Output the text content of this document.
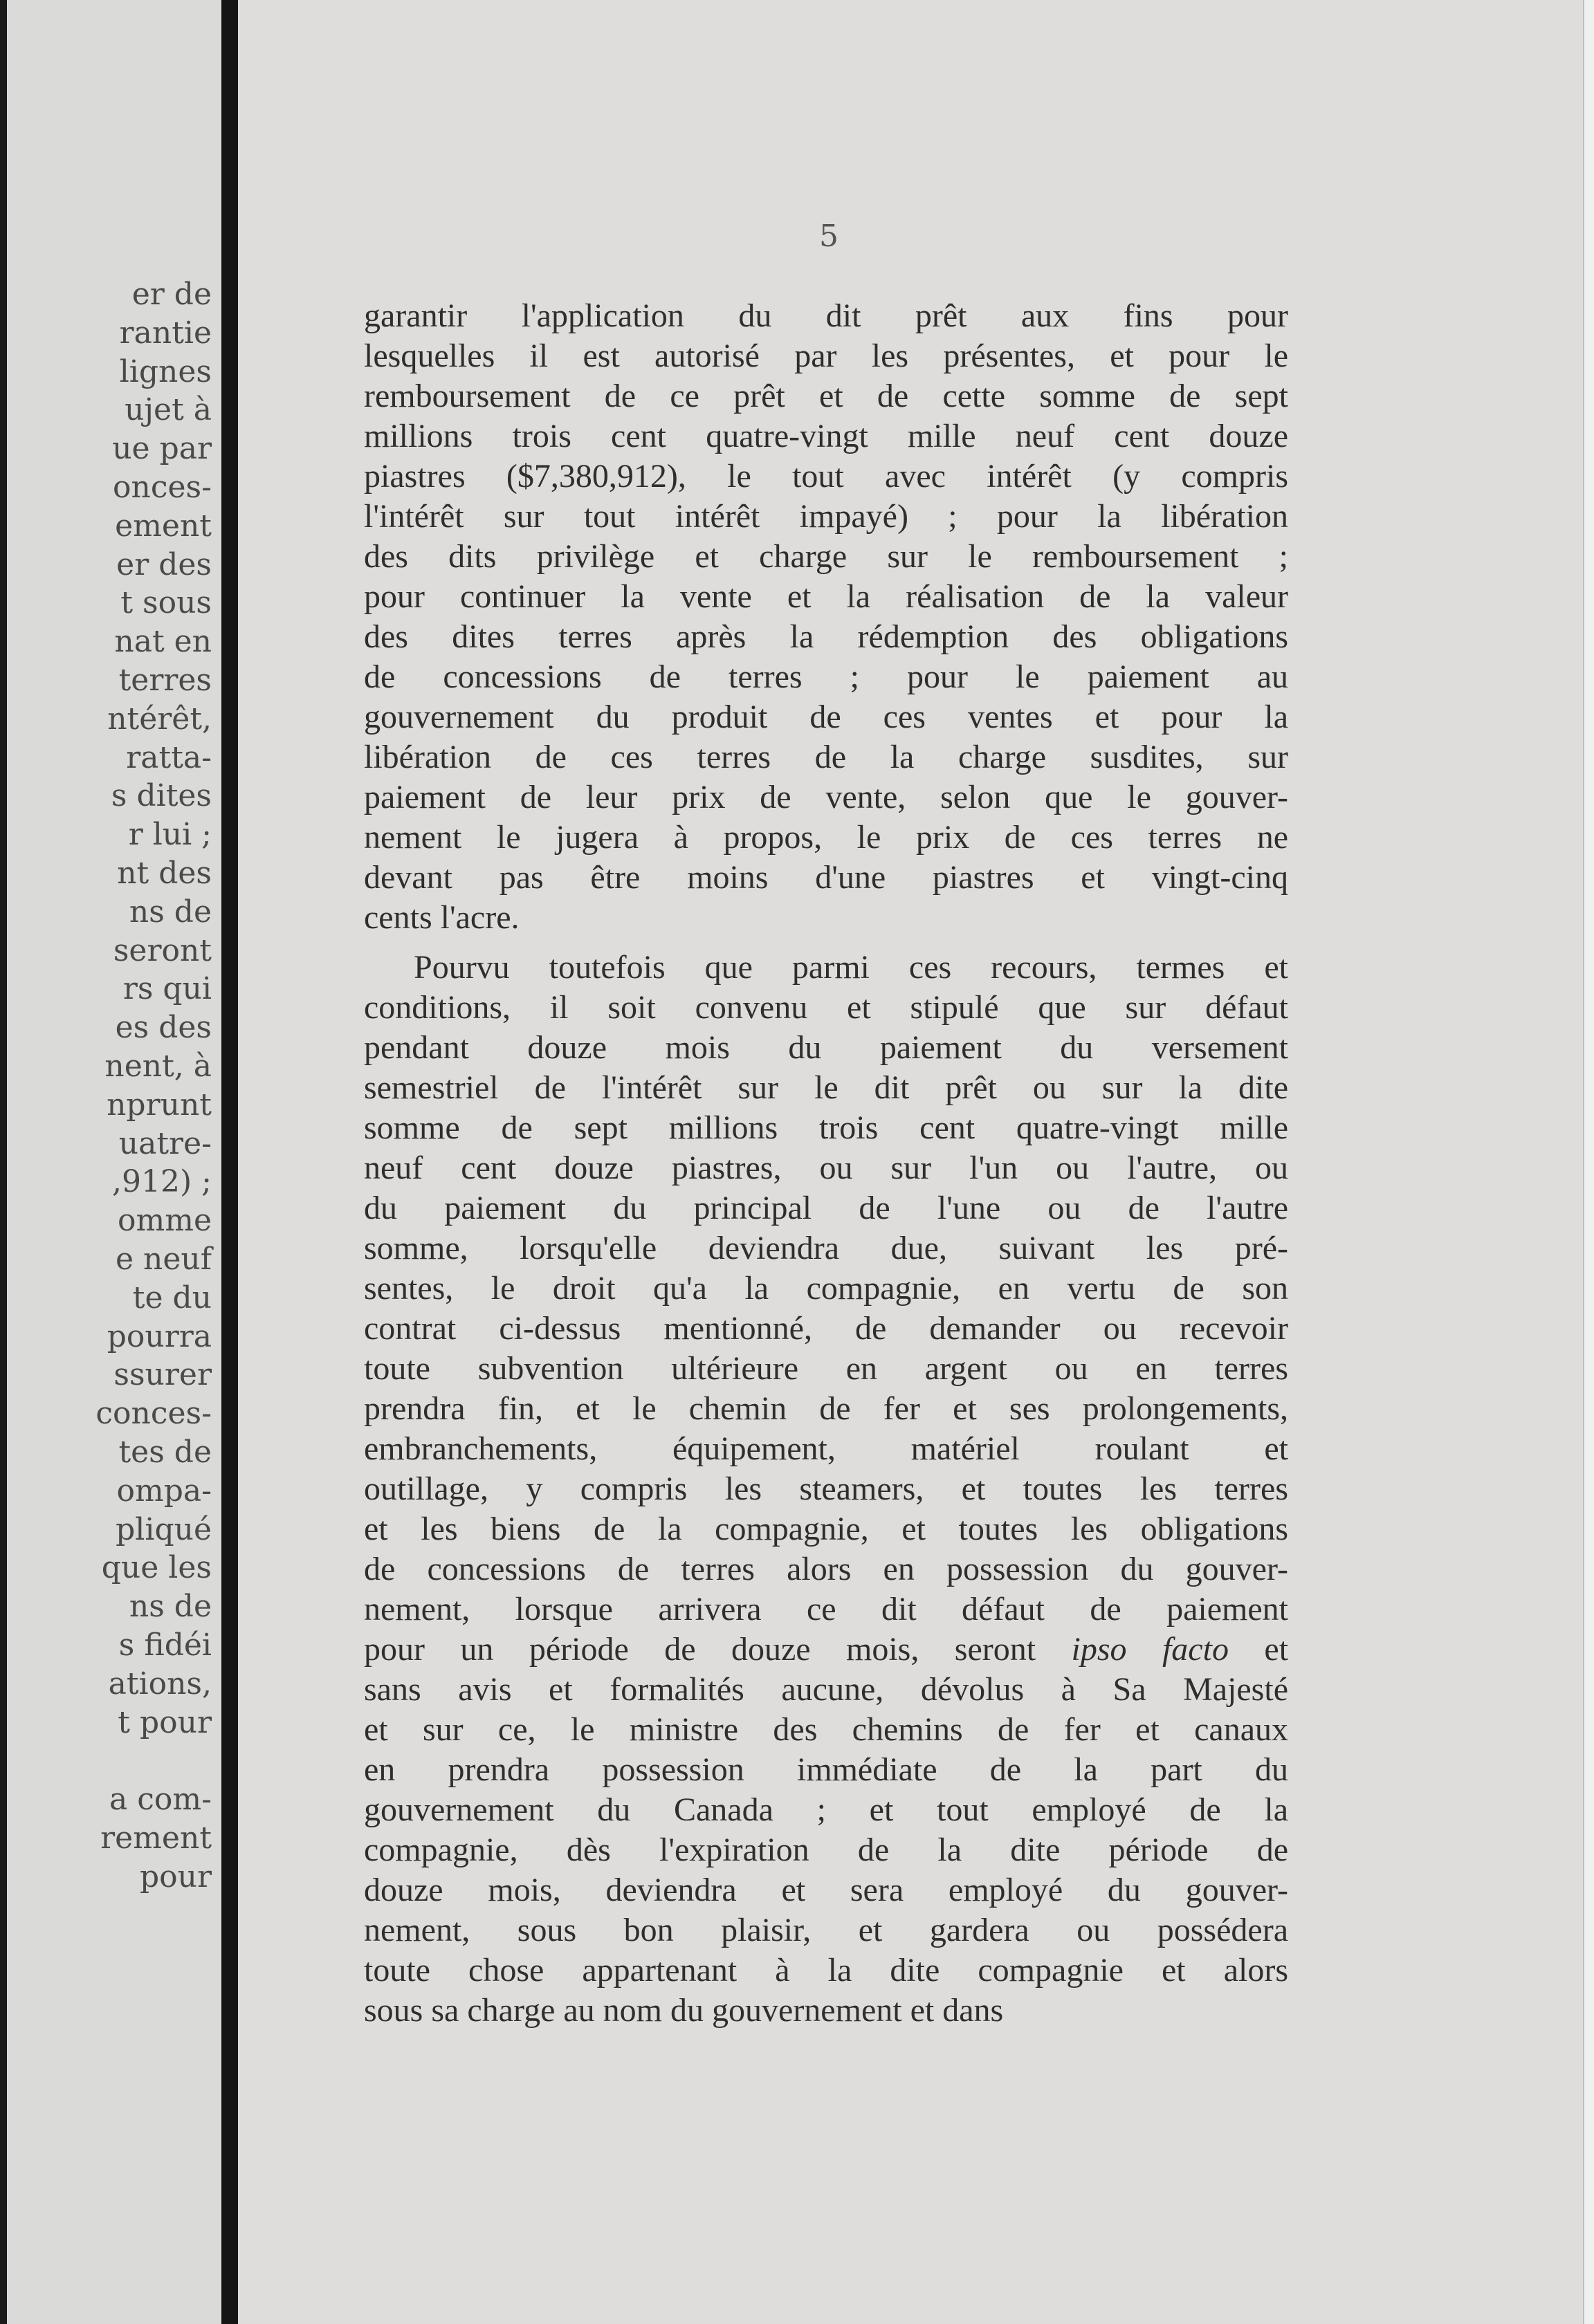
er de
rantie
lignes
ujet à
ue par
onces-
ement
er des
t sous
nat en
terres
ntérêt,
ratta-
s dites
r lui ;
nt des
ns de
seront
rs qui
es des
nent, à
nprunt
uatre-
,912) ;
omme
e neuf
te du
pourra
ssurer
conces-
tes de
ompa-
pliqué
que les
ns de
s fidéi
ations,
t pour
a com-
rement
pour
5
garantir l'application du dit prêt aux fins pour
lesquelles il est autorisé par les présentes, et pour le
remboursement de ce prêt et de cette somme de sept
millions trois cent quatre-vingt mille neuf cent douze
piastres ($7,380,912), le tout avec intérêt (y compris
l'intérêt sur tout intérêt impayé) ; pour la libération
des dits privilège et charge sur le remboursement ;
pour continuer la vente et la réalisation de la valeur
des dites terres après la rédemption des obligations
de concessions de terres ; pour le paiement au
gouvernement du produit de ces ventes et pour la
libération de ces terres de la charge susdites, sur
paiement de leur prix de vente, selon que le gouver-
nement le jugera à propos, le prix de ces terres ne
devant pas être moins d'une piastres et vingt-cinq
cents l'acre.
Pourvu toutefois que parmi ces recours, termes et
conditions, il soit convenu et stipulé que sur défaut
pendant douze mois du paiement du versement
semestriel de l'intérêt sur le dit prêt ou sur la dite
somme de sept millions trois cent quatre-vingt mille
neuf cent douze piastres, ou sur l'un ou l'autre, ou
du paiement du principal de l'une ou de l'autre
somme, lorsqu'elle deviendra due, suivant les pré-
sentes, le droit qu'a la compagnie, en vertu de son
contrat ci-dessus mentionné, de demander ou recevoir
toute subvention ultérieure en argent ou en terres
prendra fin, et le chemin de fer et ses prolongements,
embranchements, équipement, matériel roulant et
outillage, y compris les steamers, et toutes les terres
et les biens de la compagnie, et toutes les obligations
de concessions de terres alors en possession du gouver-
nement, lorsque arrivera ce dit défaut de paiement
pour un période de douze mois, seront ipso facto et
sans avis et formalités aucune, dévolus à Sa Majesté
et sur ce, le ministre des chemins de fer et canaux
en prendra possession immédiate de la part du
gouvernement du Canada ; et tout employé de la
compagnie, dès l'expiration de la dite période de
douze mois, deviendra et sera employé du gouver-
nement, sous bon plaisir, et gardera ou possédera
toute chose appartenant à la dite compagnie et alors
sous sa charge au nom du gouvernement et dans
